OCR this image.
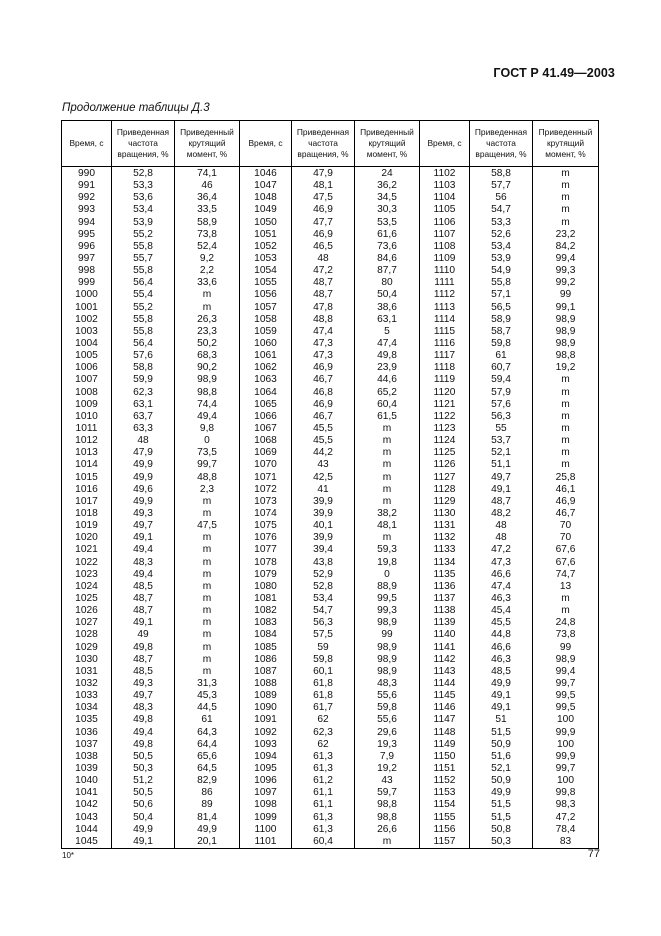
ГОСТ Р 41.49—2003
Продолжение таблицы Д.3
Время, с	Приведенная частота вращения, %	Приведенный крутящий момент, %	Время, с	Приведенная частота вращения, %	Приведенный крутящий момент, %	Время, с	Приведенная частота вращения, %	Приведенный крутящий момент, %
990	52,8	74,1	1046	47,9	24	1102	58,8	m
991	53,3	46	1047	48,1	36,2	1103	57,7	m
992	53,6	36,4	1048	47,5	34,5	1104	56	m
993	53,4	33,5	1049	46,9	30,3	1105	54,7	m
994	53,9	58,9	1050	47,7	53,5	1106	53,3	m
995	55,2	73,8	1051	46,9	61,6	1107	52,6	23,2
996	55,8	52,4	1052	46,5	73,6	1108	53,4	84,2
997	55,7	9,2	1053	48	84,6	1109	53,9	99,4
998	55,8	2,2	1054	47,2	87,7	1110	54,9	99,3
999	56,4	33,6	1055	48,7	80	1111	55,8	99,2
1000	55,4	m	1056	48,7	50,4	1112	57,1	99
1001	55,2	m	1057	47,8	38,6	1113	56,5	99,1
1002	55,8	26,3	1058	48,8	63,1	1114	58,9	98,9
1003	55,8	23,3	1059	47,4	5	1115	58,7	98,9
1004	56,4	50,2	1060	47,3	47,4	1116	59,8	98,9
1005	57,6	68,3	1061	47,3	49,8	1117	61	98,8
1006	58,8	90,2	1062	46,9	23,9	1118	60,7	19,2
1007	59,9	98,9	1063	46,7	44,6	1119	59,4	m
1008	62,3	98,8	1064	46,8	65,2	1120	57,9	m
1009	63,1	74,4	1065	46,9	60,4	1121	57,6	m
1010	63,7	49,4	1066	46,7	61,5	1122	56,3	m
1011	63,3	9,8	1067	45,5	m	1123	55	m
1012	48	0	1068	45,5	m	1124	53,7	m
1013	47,9	73,5	1069	44,2	m	1125	52,1	m
1014	49,9	99,7	1070	43	m	1126	51,1	m
1015	49,9	48,8	1071	42,5	m	1127	49,7	25,8
1016	49,6	2,3	1072	41	m	1128	49,1	46,1
1017	49,9	m	1073	39,9	m	1129	48,7	46,9
1018	49,3	m	1074	39,9	38,2	1130	48,2	46,7
1019	49,7	47,5	1075	40,1	48,1	1131	48	70
1020	49,1	m	1076	39,9	m	1132	48	70
1021	49,4	m	1077	39,4	59,3	1133	47,2	67,6
1022	48,3	m	1078	43,8	19,8	1134	47,3	67,6
1023	49,4	m	1079	52,9	0	1135	46,6	74,7
1024	48,5	m	1080	52,8	88,9	1136	47,4	13
1025	48,7	m	1081	53,4	99,5	1137	46,3	m
1026	48,7	m	1082	54,7	99,3	1138	45,4	m
1027	49,1	m	1083	56,3	98,9	1139	45,5	24,8
1028	49	m	1084	57,5	99	1140	44,8	73,8
1029	49,8	m	1085	59	98,9	1141	46,6	99
1030	48,7	m	1086	59,8	98,9	1142	46,3	98,9
1031	48,5	m	1087	60,1	98,9	1143	48,5	99,4
1032	49,3	31,3	1088	61,8	48,3	1144	49,9	99,7
1033	49,7	45,3	1089	61,8	55,6	1145	49,1	99,5
1034	48,3	44,5	1090	61,7	59,8	1146	49,1	99,5
1035	49,8	61	1091	62	55,6	1147	51	100
1036	49,4	64,3	1092	62,3	29,6	1148	51,5	99,9
1037	49,8	64,4	1093	62	19,3	1149	50,9	100
1038	50,5	65,6	1094	61,3	7,9	1150	51,6	99,9
1039	50,3	64,5	1095	61,3	19,2	1151	52,1	99,7
1040	51,2	82,9	1096	61,2	43	1152	50,9	100
1041	50,5	86	1097	61,1	59,7	1153	49,9	99,8
1042	50,6	89	1098	61,1	98,8	1154	51,5	98,3
1043	50,4	81,4	1099	61,3	98,8	1155	51,5	47,2
1044	49,9	49,9	1100	61,3	26,6	1156	50,8	78,4
1045	49,1	20,1	1101	60,4	m	1157	50,3	83
10*	77
